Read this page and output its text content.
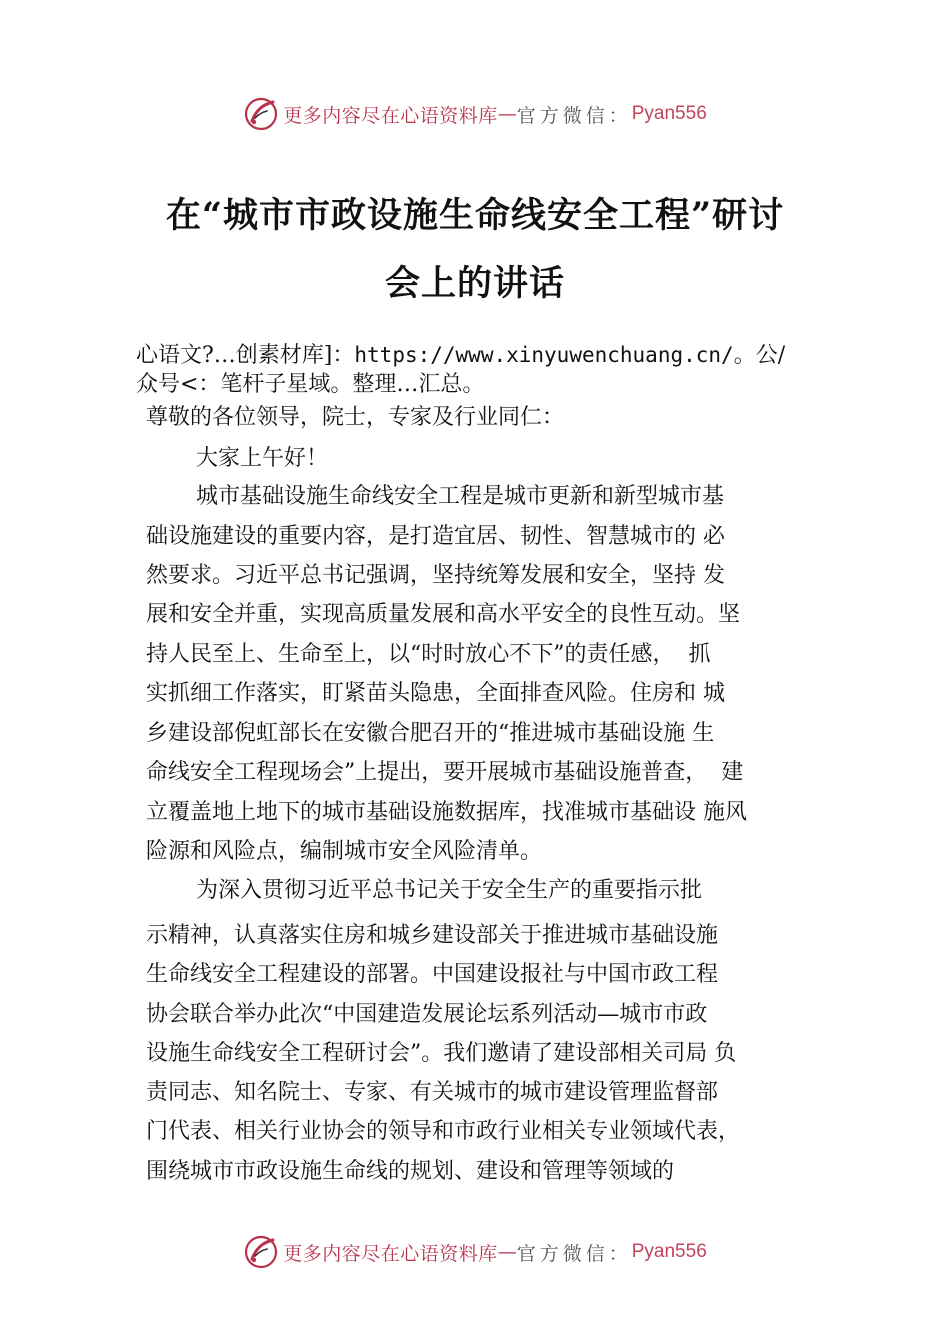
更多内容尽在心语资料库 — 官方微信： Pyan556
在“城市市政设施生命线安全工程”研讨
会上的讲话
心语文?…创素材库]：https://www.xinyuwenchuang.cn/。公/
众号<：笔杆子星域。整理…汇总。
尊敬的各位领导，院士，专家及行业同仁：
大家上午好！
城市基础设施生命线安全工程是城市更新和新型城市基
础设施建设的重要内容，是打造宜居、韧性、智慧城市的 必
然要求。习近平总书记强调，坚持统筹发展和安全，坚持 发
展和安全并重，实现高质量发展和高水平安全的良性互动。坚
持人民至上、生命至上，以“时时放心不下”的责任感，  抓
实抓细工作落实，盯紧苗头隐患，全面排查风险。住房和 城
乡建设部倪虹部长在安徽合肥召开的“推进城市基础设施 生
命线安全工程现场会”上提出，要开展城市基础设施普查，  建
立覆盖地上地下的城市基础设施数据库，找准城市基础设 施风
险源和风险点，编制城市安全风险清单。
为深入贯彻习近平总书记关于安全生产的重要指示批
示精神，认真落实住房和城乡建设部关于推进城市基础设施
生命线安全工程建设的部署。中国建设报社与中国市政工程
协会联合举办此次“中国建造发展论坛系列活动—城市市政
设施生命线安全工程研讨会”。我们邀请了建设部相关司局 负
责同志、知名院士、专家、有关城市的城市建设管理监督部
门代表、相关行业协会的领导和市政行业相关专业领域代表，
围绕城市市政设施生命线的规划、建设和管理等领域的
更多内容尽在心语资料库 — 官方微信： Pyan556
